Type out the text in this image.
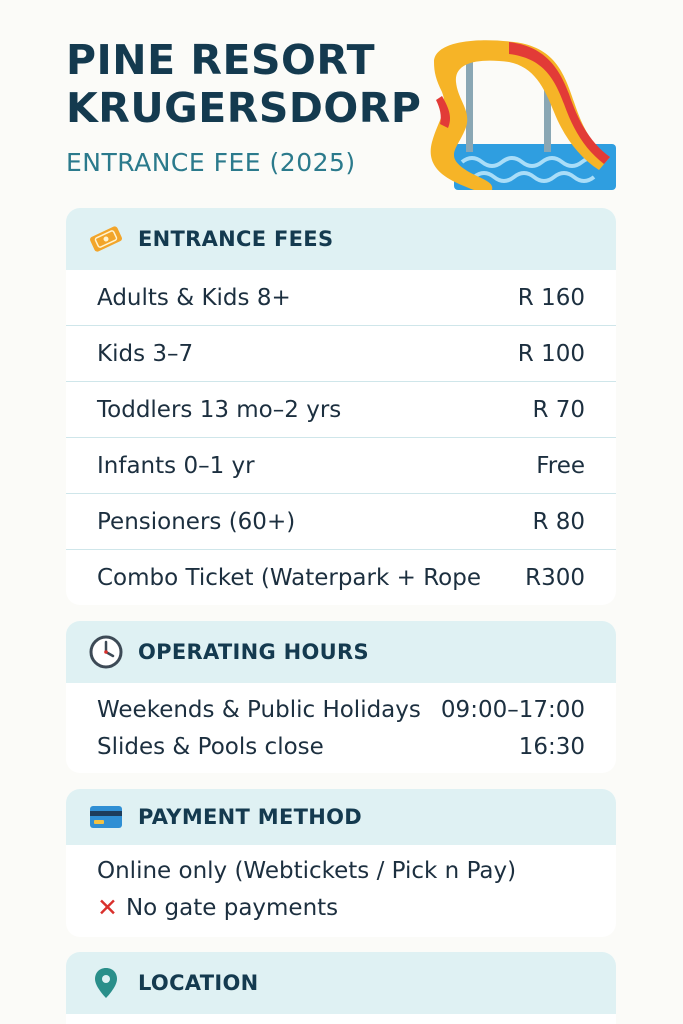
PINE RESORT
KRUGERSDORP
ENTRANCE FEE (2025)
ENTRANCE FEES
Adults & Kids 8+	R 160
Kids 3–7	R 100
Toddlers 13 mo–2 yrs	R 70
Infants 0–1 yr	Free
Pensioners (60+)	R 80
Combo Ticket (Waterpark + Rope R300
OPERATING HOURS
Weekends & Public Holidays 09:00–17:00
Slides & Pools close	16:30
PAYMENT METHOD
Online only (Webtickets / Pick n Pay)
✕ No gate payments
LOCATION
